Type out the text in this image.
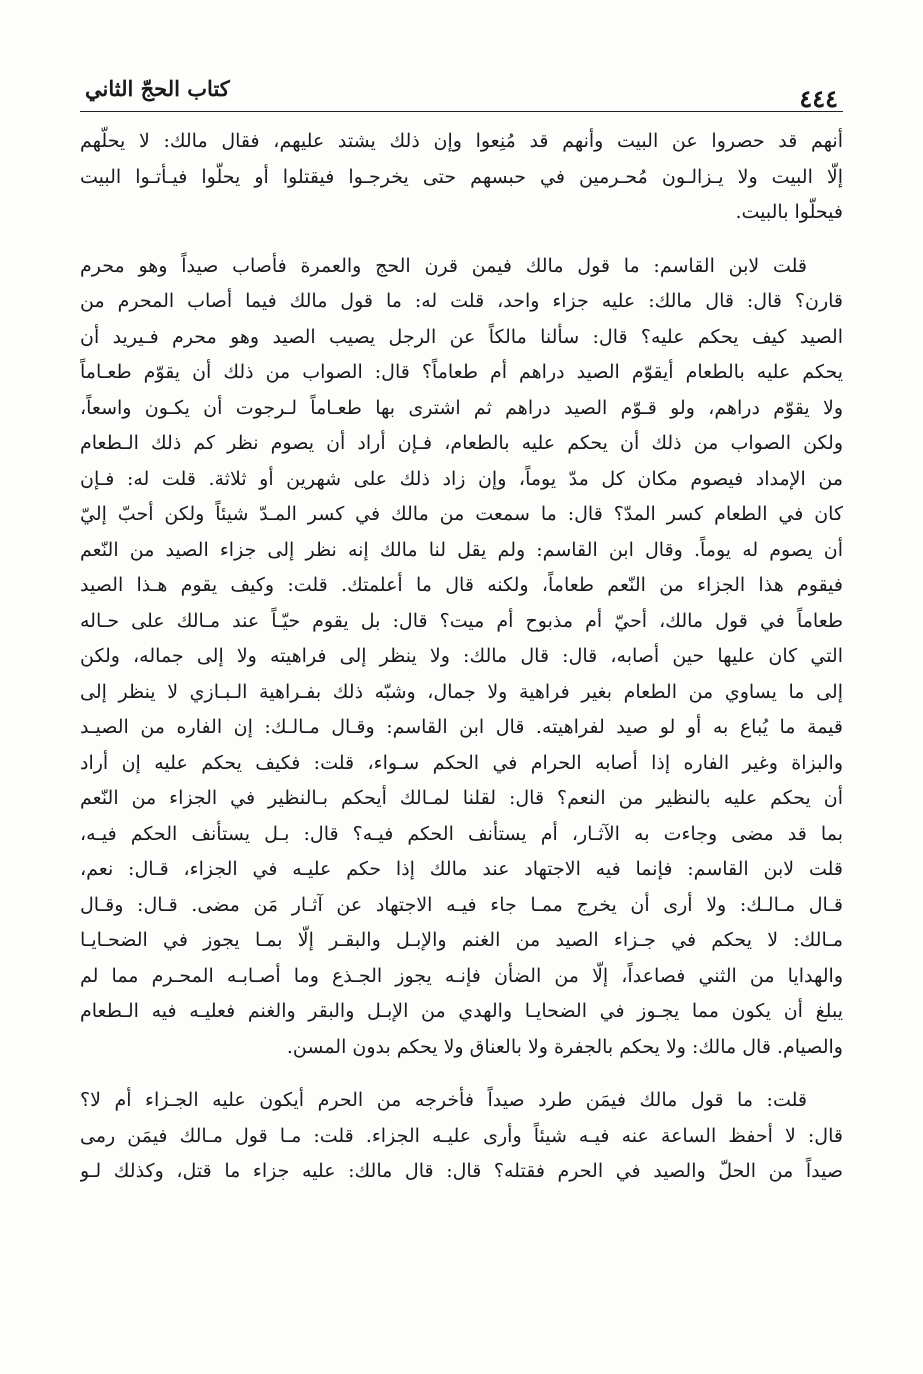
٤٤٤
كتاب الحجّ الثاني

أنهم قد حصروا عن البيت وأنهم قد مُنِعوا وإن ذلك يشتد عليهم، فقال مالك: لا يحلّهم
إلّا البيت ولا يـزالـون مُحـرمين في حبسهم حتى يخرجـوا فيقتلوا أو يحلّوا فيـأتـوا البيت
فيحلّوا بالبيت.

قلت لابن القاسم: ما قول مالك فيمن قرن الحج والعمرة فأصاب صيداً وهو محرم
قارن؟ قال: قال مالك: عليه جزاء واحد، قلت له: ما قول مالك فيما أصاب المحرم من
الصيد كيف يحكم عليه؟ قال: سألنا مالكاً عن الرجل يصيب الصيد وهو محرم فـيريد أن
يحكم عليه بالطعام أيقوّم الصيد دراهم أم طعاماً؟ قال: الصواب من ذلك أن يقوّم طعـاماً
ولا يقوّم دراهم، ولو قـوّم الصيد دراهم ثم اشترى بها طعـاماً لـرجوت أن يكـون واسعاً،
ولكن الصواب من ذلك أن يحكم عليه بالطعام، فـإن أراد أن يصوم نظر كم ذلك الـطعام
من الإمداد فيصوم مكان كل مدّ يوماً، وإن زاد ذلك على شهرين أو ثلاثة. قلت له: فـإن
كان في الطعام كسر المدّ؟ قال: ما سمعت من مالك في كسر المـدّ شيئاً ولكن أحبّ إليّ
أن يصوم له يوماً. وقال ابن القاسم: ولم يقل لنا مالك إنه نظر إلى جزاء الصيد من النّعم
فيقوم هذا الجزاء من النّعم طعاماً، ولكنه قال ما أعلمتك. قلت: وكيف يقوم هـذا الصيد
طعاماً في قول مالك، أحيّ أم مذبوح أم ميت؟ قال: بل يقوم حيّـاً عند مـالك على حـاله
التي كان عليها حين أصابه، قال: قال مالك: ولا ينظر إلى فراهيته ولا إلى جماله، ولكن
إلى ما يساوي من الطعام بغير فراهية ولا جمال، وشبّه ذلك بفـراهية الـبـازي لا ينظر إلى
قيمة ما يُباع به أو لو صيد لفراهيته. قال ابن القاسم: وقـال مـالـك: إن الفاره من الصيـد
والبزاة وغير الفاره إذا أصابه الحرام في الحكم سـواء، قلت: فكيف يحكم عليه إن أراد
أن يحكم عليه بالنظير من النعم؟ قال: لقلنا لمـالك أيحكم بـالنظير في الجزاء من النّعم
بما قد مضى وجاءت به الآثـار، أم يستأنف الحكم فيـه؟ قال: بـل يستأنف الحكم فيـه،
قلت لابن القاسم: فإنما فيه الاجتهاد عند مالك إذا حكم عليـه في الجزاء، قـال: نعم،
قـال مـالـك: ولا أرى أن يخرج ممـا جاء فيـه الاجتهاد عن آثـار مَن مضى. قـال: وقـال
مـالك: لا يحكم في جـزاء الصيد من الغنم والإبـل والبقـر إلّا بمـا يجوز في الضحـايـا
والهدايا من الثني فصاعداً، إلّا من الضأن فإنـه يجوز الجـذع وما أصـابـه المحـرم مما لم
يبلغ أن يكون مما يجـوز في الضحايـا والهدي من الإبـل والبقر والغنم فعليـه فيه الـطعام
والصيام. قال مالك: ولا يحكم بالجفرة ولا بالعناق ولا يحكم بدون المسن.

قلت: ما قول مالك فيمَن طرد صيداً فأخرجه من الحرم أيكون عليه الجـزاء أم لا؟
قال: لا أحفظ الساعة عنه فيـه شيئاً وأرى عليـه الجزاء. قلت: مـا قول مـالك فيمَن رمى
صيداً من الحلّ والصيد في الحرم فقتله؟ قال: قال مالك: عليه جزاء ما قتل، وكذلك لـو
